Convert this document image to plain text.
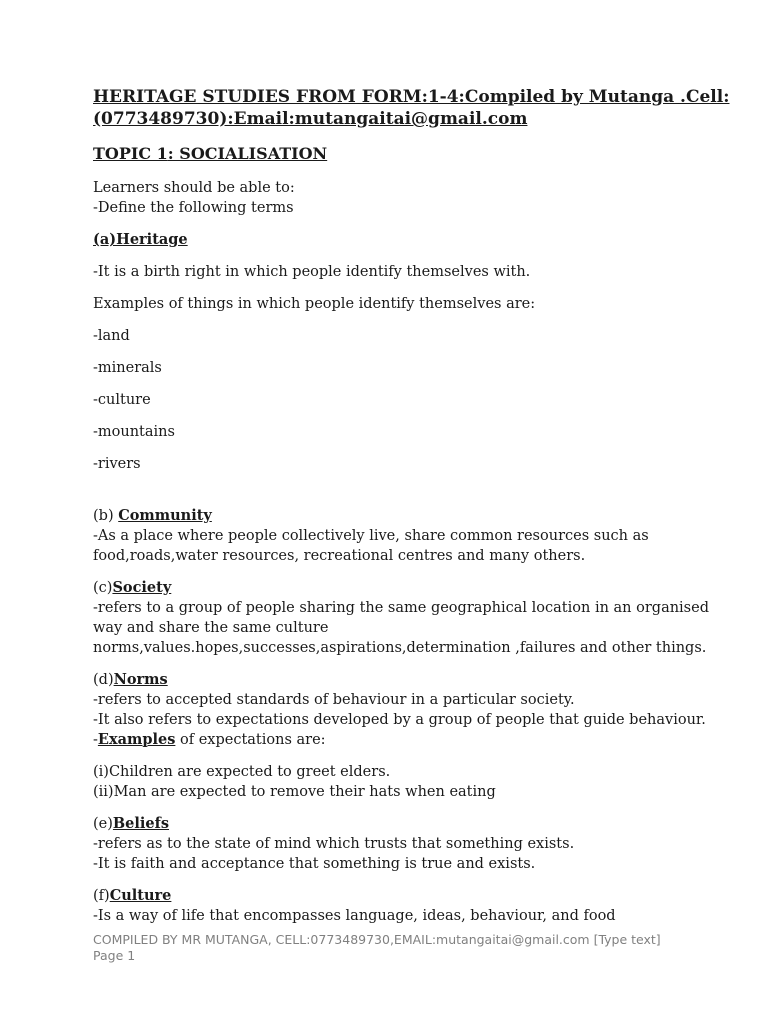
HERITAGE STUDIES FROM FORM:1-4:Compiled by Mutanga .Cell:

(0773489730):Email:mutangaitai@gmail.com

TOPIC 1: SOCIALISATION

Learners should be able to:

-Define the following terms

(a)Heritage

-It is a birth right in which people identify themselves with.

Examples of things in which people identify themselves are:

-land

-minerals

-culture

-mountains

-rivers

(b) Community

-As a place where people collectively live, share common resources such as

food,roads,water resources, recreational centres and many others.

(c)Society

-refers to a group of people sharing the same geographical location in an organised

way and share the same culture

norms,values.hopes,successes,aspirations,determination ,failures and other things.

(d)Norms

-refers to accepted standards of behaviour in a particular society.

-It also refers to expectations developed by a group of people that guide behaviour.

-Examples of expectations are:

(i)Children are expected to greet elders.

(ii)Man are expected to remove their hats when eating

(e)Beliefs

-refers as to the state of mind which trusts that something exists.

-It is faith and acceptance that something is true and exists.

(f)Culture

-Is a way of life that encompasses language, ideas, behaviour, and food

COMPILED BY MR MUTANGA, CELL:0773489730,EMAIL:mutangaitai@gmail.com [Type text]
Page 1
